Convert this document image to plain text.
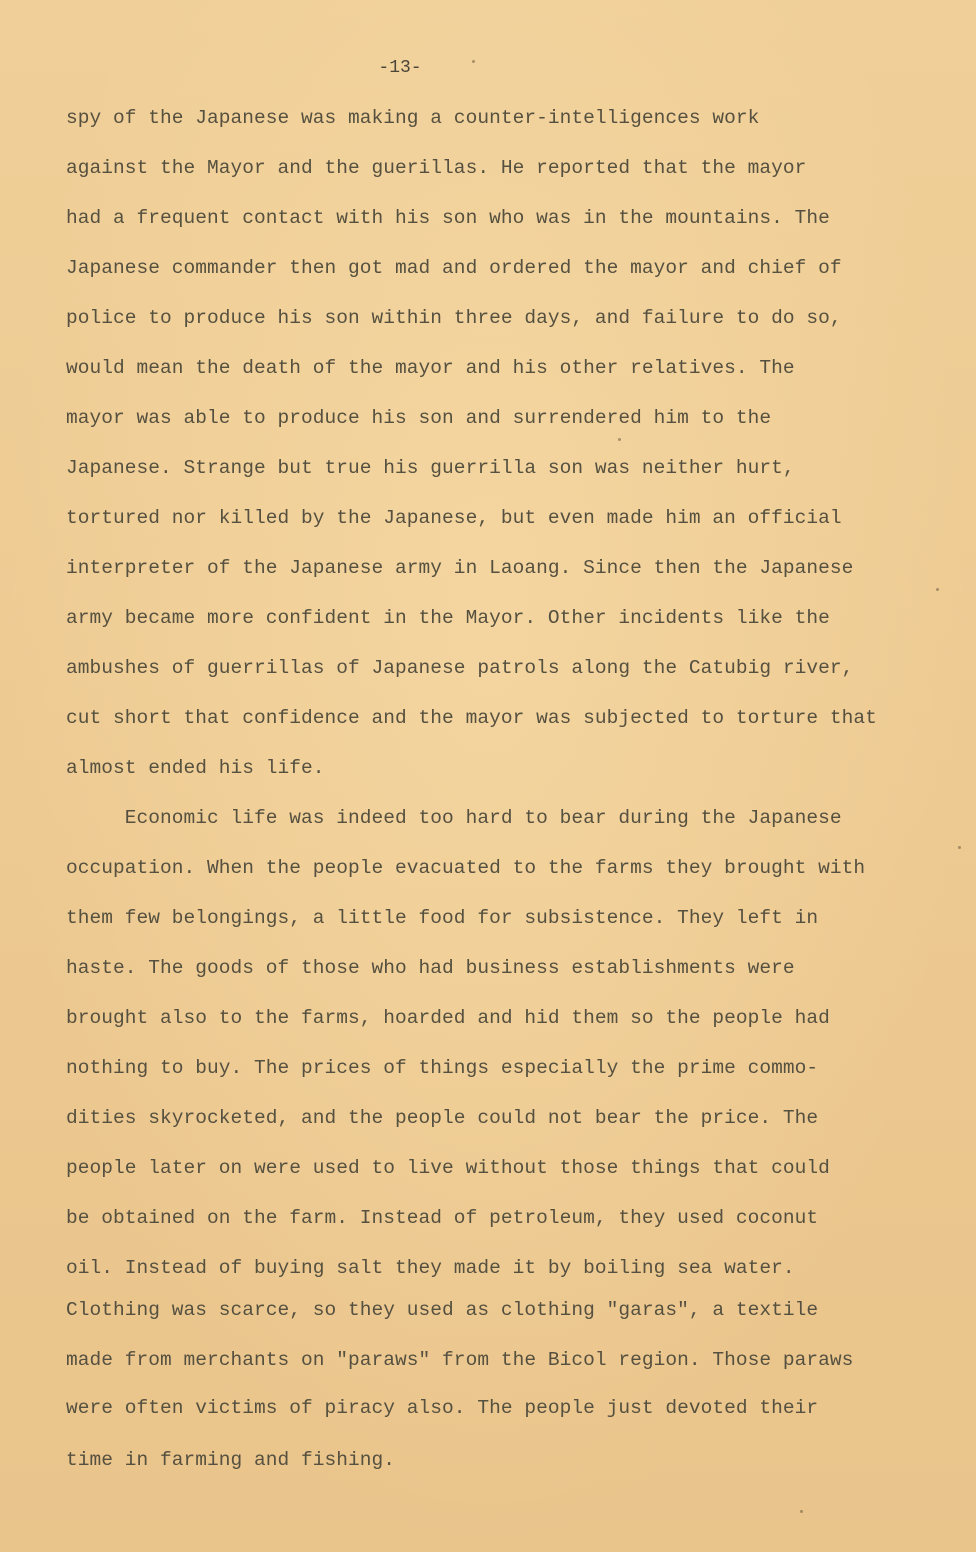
-13-
spy of the Japanese was making a counter-intelligences work
against the Mayor and the guerillas. He reported that the mayor
had a frequent contact with his son who was in the mountains. The
Japanese commander then got mad and ordered the mayor and chief of
police to produce his son within three days, and failure to do so,
would mean the death of the mayor and his other relatives. The
mayor was able to produce his son and surrendered him to the
Japanese. Strange but true his guerrilla son was neither hurt,
tortured nor killed by the Japanese, but even made him an official
interpreter of the Japanese army in Laoang. Since then the Japanese
army became more confident in the Mayor. Other incidents like the
ambushes of guerrillas of Japanese patrols along the Catubig river,
cut short that confidence and the mayor was subjected to torture that
almost ended his life.
Economic life was indeed too hard to bear during the Japanese
occupation. When the people evacuated to the farms they brought with
them few belongings, a little food for subsistence. They left in
haste. The goods of those who had business establishments were
brought also to the farms, hoarded and hid them so the people had
nothing to buy. The prices of things especially the prime commo-
dities skyrocketed, and the people could not bear the price. The
people later on were used to live without those things that could
be obtained on the farm. Instead of petroleum, they used coconut
oil. Instead of buying salt they made it by boiling sea water.
Clothing was scarce, so they used as clothing "garas", a textile
made from merchants on "paraws" from the Bicol region. Those paraws
were often victims of piracy also. The people just devoted their
time in farming and fishing.
